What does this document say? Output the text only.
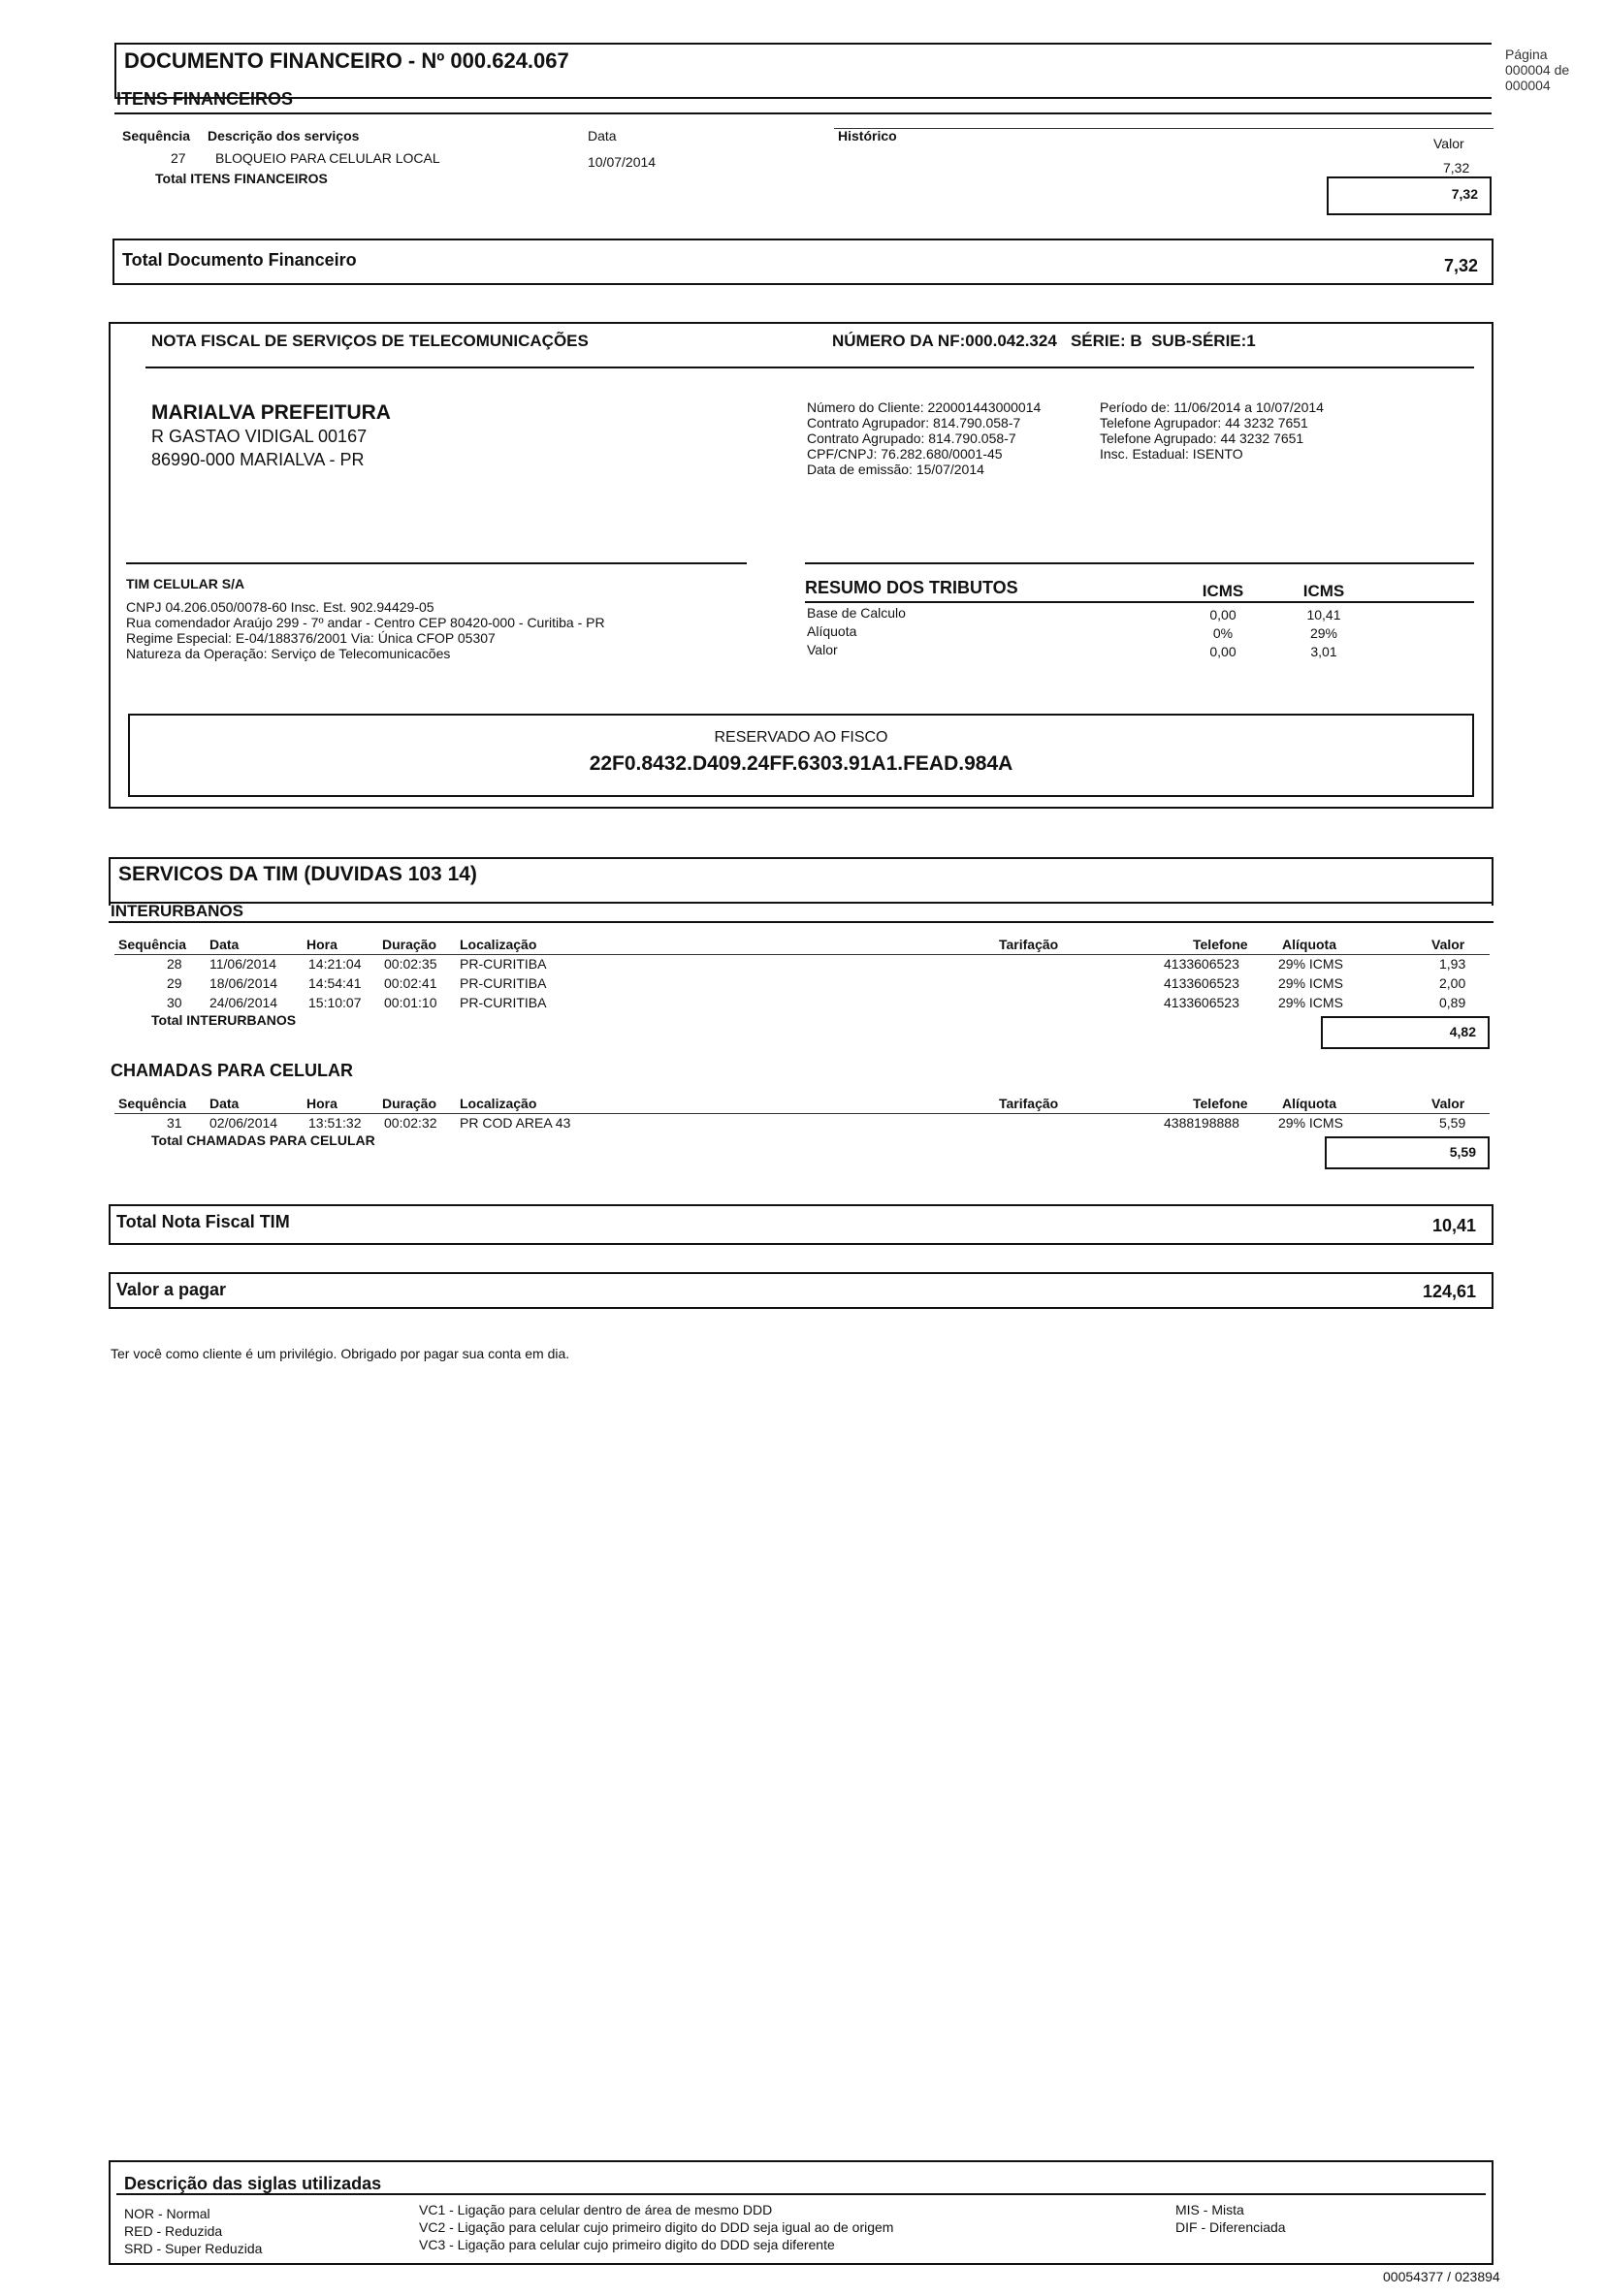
Página
000004 de
000004
DOCUMENTO FINANCEIRO - Nº 000.624.067
ITENS FINANCEIROS
Sequência Descrição dos serviços	Data	Histórico	Valor
27 BLOQUEIO PARA CELULAR LOCAL	10/07/2014	7,32
Total ITENS FINANCEIROS
7,32
Total Documento Financeiro	7,32
NOTA FISCAL DE SERVIÇOS DE TELECOMUNICAÇÕES	NÚMERO DA NF:000.042.324   SÉRIE: B  SUB-SÉRIE:1
MARIALVA PREFEITURA
R GASTAO VIDIGAL 00167
86990-000 MARIALVA - PR
Número do Cliente: 220001443000014
Contrato Agrupador: 814.790.058-7
Contrato Agrupado: 814.790.058-7
CPF/CNPJ: 76.282.680/0001-45
Data de emissão: 15/07/2014
Período de: 11/06/2014 a 10/07/2014
Telefone Agrupador: 44 3232 7651
Telefone Agrupado: 44 3232 7651
Insc. Estadual: ISENTO
TIM CELULAR S/A
CNPJ 04.206.050/0078-60 Insc. Est. 902.94429-05
Rua comendador Araújo 299 - 7º andar - Centro CEP 80420-000 - Curitiba - PR
Regime Especial: E-04/188376/2001 Via: Única CFOP 05307
Natureza da Operação: Serviço de Telecomunicacões
RESUMO DOS TRIBUTOS	ICMS	ICMS
Base de Calculo	0,00	10,41
Alíquota	0%	29%
Valor	0,00	3,01
RESERVADO AO FISCO
22F0.8432.D409.24FF.6303.91A1.FEAD.984A
SERVICOS DA TIM (DUVIDAS 103 14)
INTERURBANOS
Sequência Data	Hora	Duração Localização	Tarifação	Telefone	Alíquota	Valor
28 11/06/2014 14:21:04 00:02:35 PR-CURITIBA	4133606523	29% ICMS	1,93
29 18/06/2014 14:54:41 00:02:41 PR-CURITIBA	4133606523	29% ICMS	2,00
30 24/06/2014 15:10:07 00:01:10 PR-CURITIBA	4133606523	29% ICMS	0,89
Total INTERURBANOS
4,82
CHAMADAS PARA CELULAR
Sequência Data	Hora	Duração Localização	Tarifação	Telefone	Alíquota	Valor
31 02/06/2014 13:51:32 00:02:32 PR COD AREA 43	4388198888	29% ICMS	5,59
Total CHAMADAS PARA CELULAR
5,59
Total Nota Fiscal TIM	10,41
Valor a pagar	124,61
Ter você como cliente é um privilégio. Obrigado por pagar sua conta em dia.
Descrição das siglas utilizadas
NOR - Normal
RED - Reduzida
SRD - Super Reduzida
VC1 - Ligação para celular dentro de área de mesmo DDD
VC2 - Ligação para celular cujo primeiro digito do DDD seja igual ao de origem
VC3 - Ligação para celular cujo primeiro digito do DDD seja diferente
MIS - Mista
DIF - Diferenciada
00054377 / 023894
